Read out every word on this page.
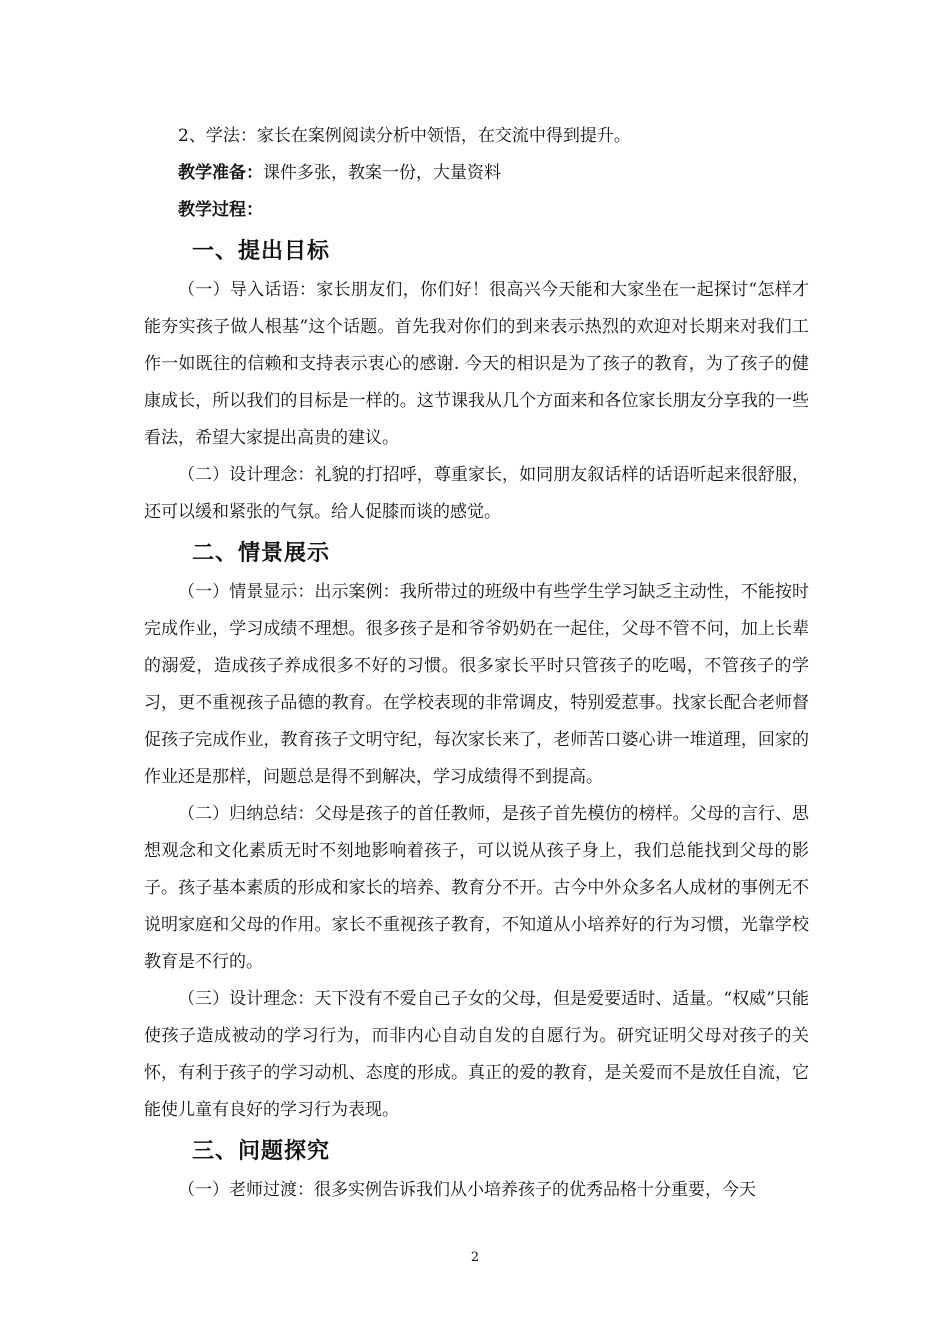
2、学法：家长在案例阅读分析中领悟，在交流中得到提升。

教学准备：课件多张，教案一份，大量资料

教学过程：

一、提出目标

（一）导入话语：家长朋友们，你们好！很高兴今天能和大家坐在一起探讨“怎样才能夯实孩子做人根基”这个话题。首先我对你们的到来表示热烈的欢迎对长期来对我们工作一如既往的信赖和支持表示衷心的感谢. 今天的相识是为了孩子的教育，为了孩子的健康成长，所以我们的目标是一样的。这节课我从几个方面来和各位家长朋友分享我的一些看法，希望大家提出高贵的建议。

（二）设计理念：礼貌的打招呼，尊重家长，如同朋友叙话样的话语听起来很舒服，还可以缓和紧张的气氛。给人促膝而谈的感觉。

二、情景展示

（一）情景显示：出示案例：我所带过的班级中有些学生学习缺乏主动性，不能按时完成作业，学习成绩不理想。很多孩子是和爷爷奶奶在一起住，父母不管不问，加上长辈的溺爱，造成孩子养成很多不好的习惯。很多家长平时只管孩子的吃喝，不管孩子的学习，更不重视孩子品德的教育。在学校表现的非常调皮，特别爱惹事。找家长配合老师督促孩子完成作业，教育孩子文明守纪，每次家长来了，老师苦口婆心讲一堆道理，回家的作业还是那样，问题总是得不到解决，学习成绩得不到提高。

（二）归纳总结：父母是孩子的首任教师，是孩子首先模仿的榜样。父母的言行、思想观念和文化素质无时不刻地影响着孩子，可以说从孩子身上，我们总能找到父母的影子。孩子基本素质的形成和家长的培养、教育分不开。古今中外众多名人成材的事例无不说明家庭和父母的作用。家长不重视孩子教育，不知道从小培养好的行为习惯，光靠学校教育是不行的。

（三）设计理念：天下没有不爱自己子女的父母，但是爱要适时、适量。“权威”只能使孩子造成被动的学习行为，而非内心自动自发的自愿行为。研究证明父母对孩子的关怀，有利于孩子的学习动机、态度的形成。真正的爱的教育，是关爱而不是放任自流，它能使儿童有良好的学习行为表现。

三、问题探究

（一）老师过渡：很多实例告诉我们从小培养孩子的优秀品格十分重要，今天

2
